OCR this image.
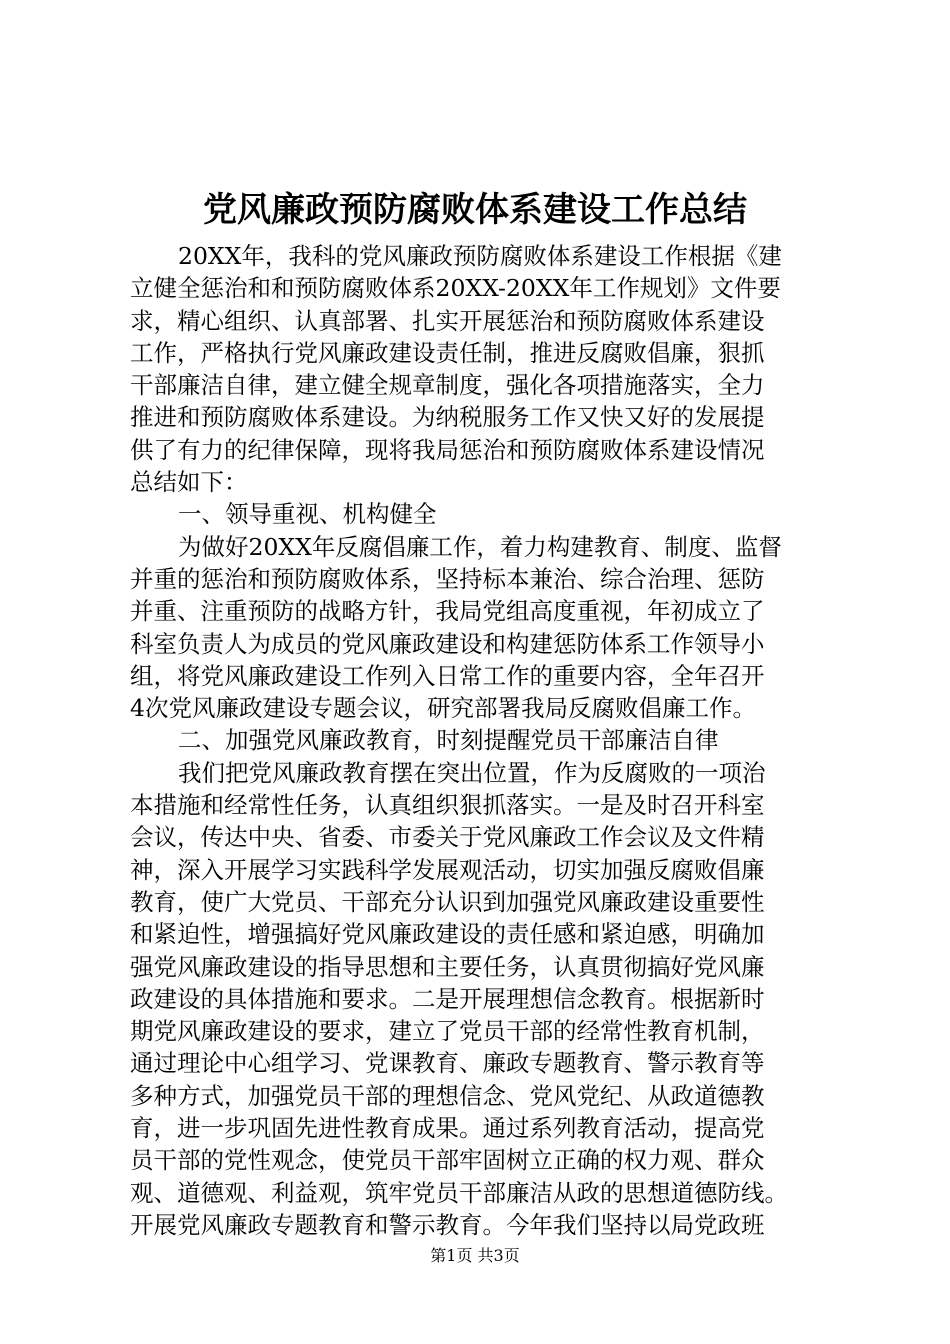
党风廉政预防腐败体系建设工作总结
20XX年，我科的党风廉政预防腐败体系建设工作根据《建
立健全惩治和和预防腐败体系20XX-20XX年工作规划》文件要
求，精心组织、认真部署、扎实开展惩治和预防腐败体系建设
工作，严格执行党风廉政建设责任制，推进反腐败倡廉，狠抓
干部廉洁自律，建立健全规章制度，强化各项措施落实，全力
推进和预防腐败体系建设。为纳税服务工作又快又好的发展提
供了有力的纪律保障，现将我局惩治和预防腐败体系建设情况
总结如下：
一、领导重视、机构健全
为做好20XX年反腐倡廉工作，着力构建教育、制度、监督
并重的惩治和预防腐败体系，坚持标本兼治、综合治理、惩防
并重、注重预防的战略方针，我局党组高度重视，年初成立了
科室负责人为成员的党风廉政建设和构建惩防体系工作领导小
组，将党风廉政建设工作列入日常工作的重要内容，全年召开
4次党风廉政建设专题会议，研究部署我局反腐败倡廉工作。
二、加强党风廉政教育，时刻提醒党员干部廉洁自律
我们把党风廉政教育摆在突出位置，作为反腐败的一项治
本措施和经常性任务，认真组织狠抓落实。一是及时召开科室
会议，传达中央、省委、市委关于党风廉政工作会议及文件精
神，深入开展学习实践科学发展观活动，切实加强反腐败倡廉
教育，使广大党员、干部充分认识到加强党风廉政建设重要性
和紧迫性，增强搞好党风廉政建设的责任感和紧迫感，明确加
强党风廉政建设的指导思想和主要任务，认真贯彻搞好党风廉
政建设的具体措施和要求。二是开展理想信念教育。根据新时
期党风廉政建设的要求，建立了党员干部的经常性教育机制，
通过理论中心组学习、党课教育、廉政专题教育、警示教育等
多种方式，加强党员干部的理想信念、党风党纪、从政道德教
育，进一步巩固先进性教育成果。通过系列教育活动，提高党
员干部的党性观念，使党员干部牢固树立正确的权力观、群众
观、道德观、利益观，筑牢党员干部廉洁从政的思想道德防线。
开展党风廉政专题教育和警示教育。今年我们坚持以局党政班
第1页 共3页
